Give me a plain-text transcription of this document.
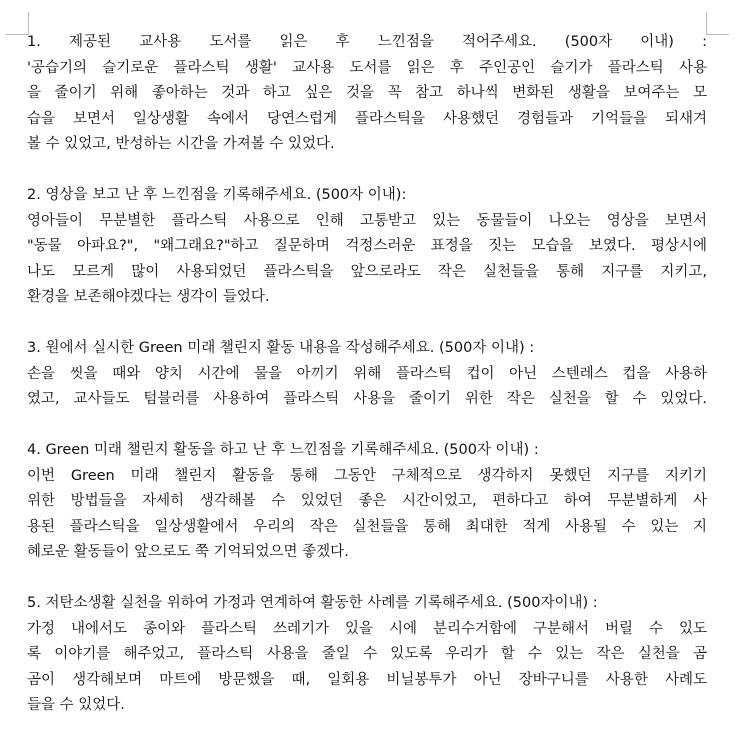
1. 제공된 교사용 도서를 읽은 후 느낀점을 적어주세요. (500자 이내) :
'공습기의 슬기로운 플라스틱 생활' 교사용 도서를 읽은 후 주인공인 슬기가 플라스틱 사용
을 줄이기 위해 좋아하는 것과 하고 싶은 것을 꼭 참고 하나씩 변화된 생활을 보여주는 모
습을 보면서 일상생활 속에서 당연스럽게 플라스틱을 사용했던 경험들과 기억들을 되새겨
볼 수 있었고, 반성하는 시간을 가져볼 수 있었다.
2. 영상을 보고 난 후 느낀점을 기록해주세요. (500자 이내):
영아들이 무분별한 플라스틱 사용으로 인해 고통받고 있는 동물들이 나오는 영상을 보면서
"동물 아파요?", "왜그래요?"하고 질문하며 걱정스러운 표정을 짓는 모습을 보였다. 평상시에
나도 모르게 많이 사용되었던 플라스틱을 앞으로라도 작은 실천들을 통해 지구를 지키고,
환경을 보존해야겠다는 생각이 들었다.
3. 원에서 실시한 Green 미래 챌린지 활동 내용을 작성해주세요. (500자 이내) :
손을 씻을 때와 양치 시간에 물을 아끼기 위해 플라스틱 컵이 아닌 스텐레스 컵을 사용하
였고, 교사들도 텀블러를 사용하여 플라스틱 사용을 줄이기 위한 작은 실천을 할 수 있었다.
4. Green 미래 챌린지 활동을 하고 난 후 느낀점을 기록해주세요. (500자 이내) :
이번 Green 미래 챌린지 활동을 통해 그동안 구체적으로 생각하지 못했던 지구를 지키기
위한 방법들을 자세히 생각해볼 수 있었던 좋은 시간이었고, 편하다고 하여 무분별하게 사
용된 플라스틱을 일상생활에서 우리의 작은 실천들을 통해 최대한 적게 사용될 수 있는 지
혜로운 활동들이 앞으로도 쭉 기억되었으면 좋겠다.
5. 저탄소생활 실천을 위하여 가정과 연계하여 활동한 사례를 기록해주세요. (500자이내) :
가정 내에서도 종이와 플라스틱 쓰레기가 있을 시에 분리수거함에 구분해서 버릴 수 있도
록 이야기를 해주었고, 플라스틱 사용을 줄일 수 있도록 우리가 할 수 있는 작은 실천을 곰
곰이 생각해보며 마트에 방문했을 때, 일회용 비닐봉투가 아닌 장바구니를 사용한 사례도
들을 수 있었다.
